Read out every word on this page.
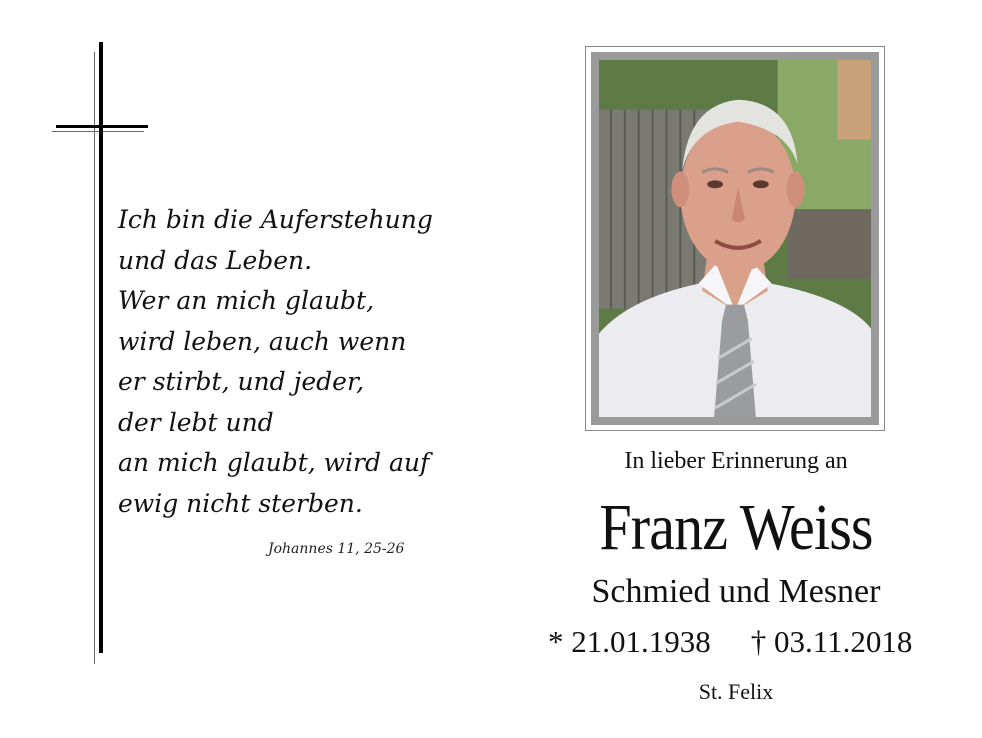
Ich bin die Auferstehung
und das Leben.
Wer an mich glaubt,
wird leben, auch wenn
er stirbt, und jeder,
der lebt und
an mich glaubt, wird auf
ewig nicht sterben.
Johannes 11, 25-26
In lieber Erinnerung an
Franz Weiss
Schmied und Mesner
* 21.01.1938 † 03.11.2018
St. Felix
